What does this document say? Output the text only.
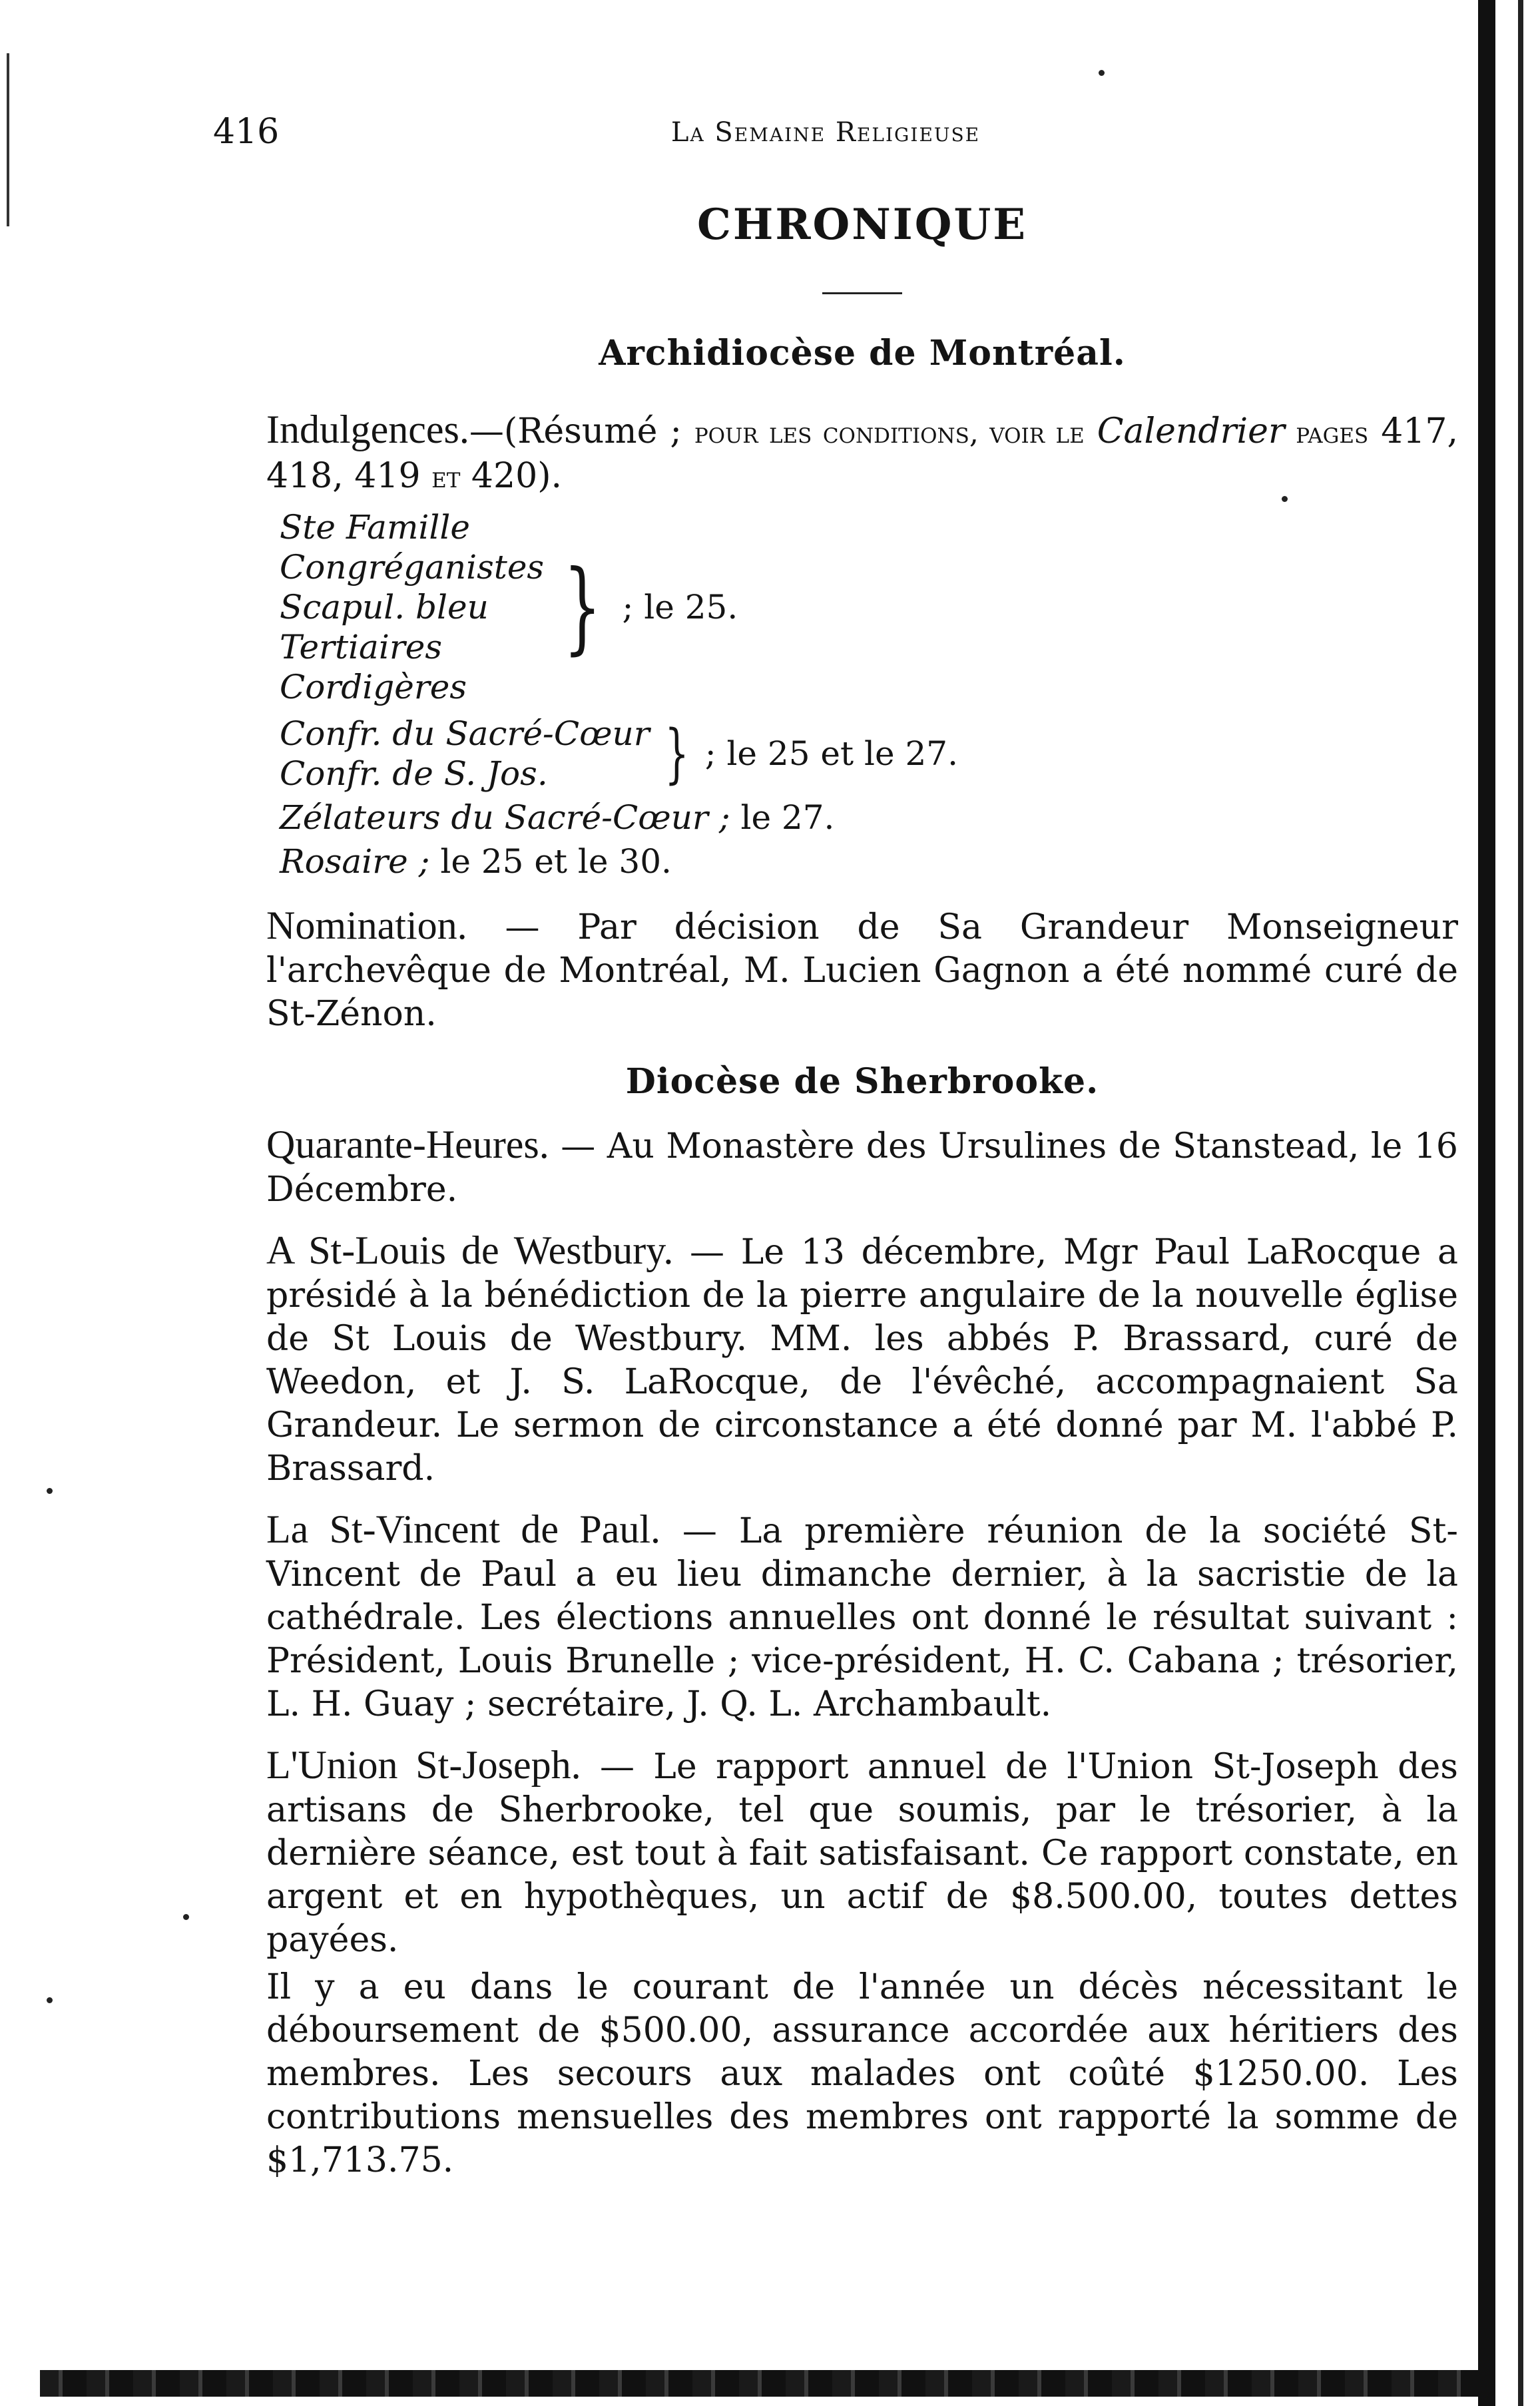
416	La Semaine Religieuse
CHRONIQUE
Archidiocèse de Montréal.

Indulgences.—(Résumé ; pour les conditions, voir le Calendrier pages 417, 418, 419 et 420).

Ste Famille
Congréganistes
Scapul. bleu
Tertiaires
Cordigères
} ; le 25.
Confr. du Sacré-Cœur
Confr. de S. Jos.	} ; le 25 et le 27.
Zélateurs du Sacré-Cœur ; le 27.
Rosaire ; le 25 et le 30.

Nomination. — Par décision de Sa Grandeur Monseigneur l'archevêque de Montréal, M. Lucien Gagnon a été nommé curé de St-Zénon.

Diocèse de Sherbrooke.

Quarante-Heures. — Au Monastère des Ursulines de Stanstead, le 16 Décembre.

A St-Louis de Westbury. — Le 13 décembre, Mgr Paul LaRocque a présidé à la bénédiction de la pierre angulaire de la nouvelle église de St Louis de Westbury. MM. les abbés P. Brassard, curé de Weedon, et J. S. LaRocque, de l'évêché, accompagnaient Sa Grandeur. Le sermon de circonstance a été donné par M. l'abbé P. Brassard.

La St-Vincent de Paul. — La première réunion de la société St-Vincent de Paul a eu lieu dimanche dernier, à la sacristie de la cathédrale. Les élections annuelles ont donné le résultat suivant : Président, Louis Brunelle ; vice-président, H. C. Cabana ; trésorier, L. H. Guay ; secrétaire, J. Q. L. Archambault.

L'Union St-Joseph. — Le rapport annuel de l'Union St-Joseph des artisans de Sherbrooke, tel que soumis, par le trésorier, à la dernière séance, est tout à fait satisfaisant. Ce rapport constate, en argent et en hypothèques, un actif de $8.500.00, toutes dettes payées.

Il y a eu dans le courant de l'année un décès nécessitant le déboursement de $500.00, assurance accordée aux héritiers des membres. Les secours aux malades ont coûté $1250.00. Les contributions mensuelles des membres ont rapporté la somme de $1,713.75.
